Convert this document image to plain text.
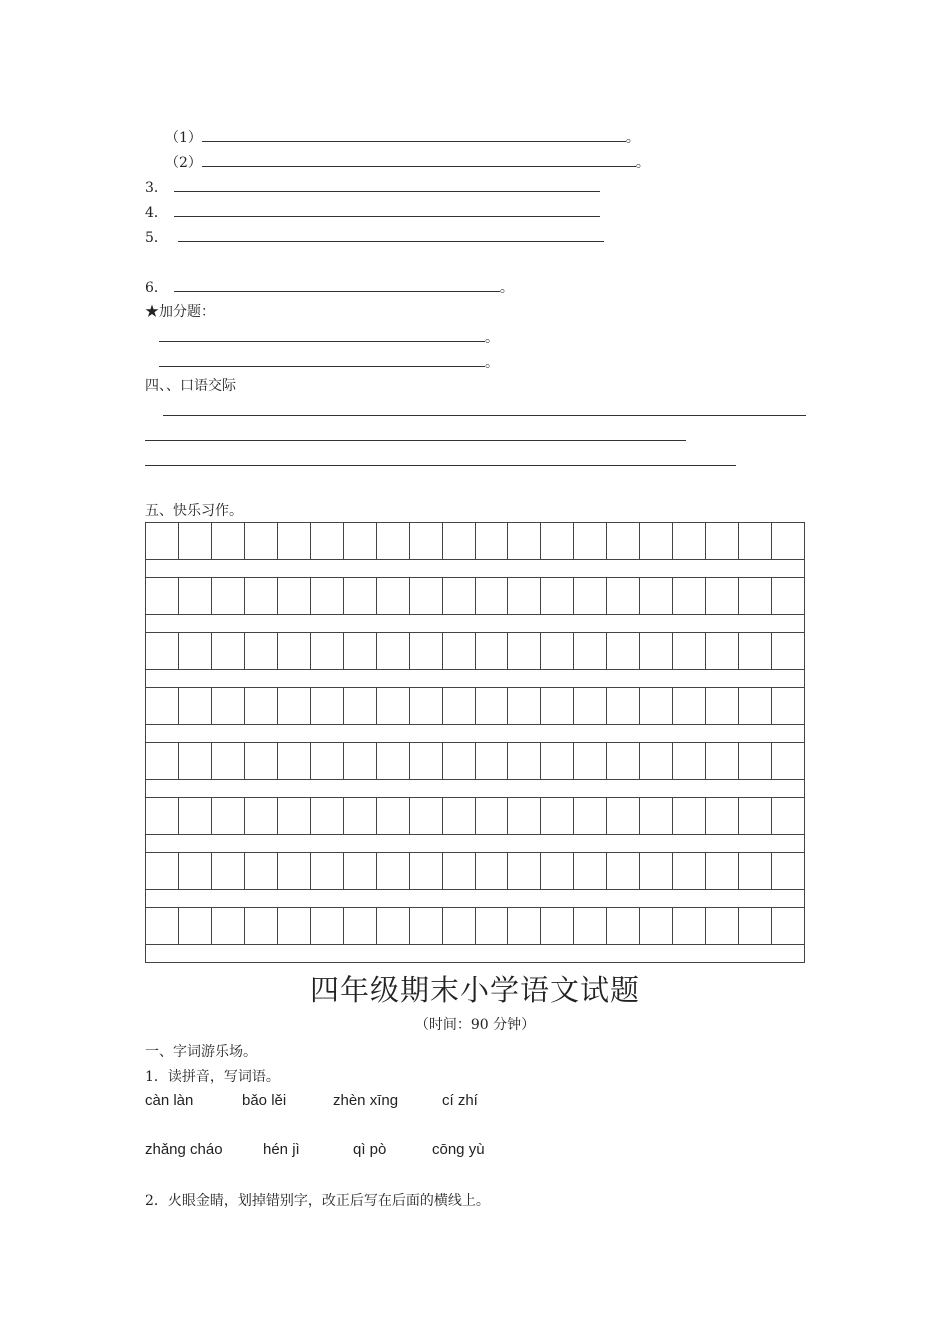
（1）	。
（2）	。
3．
4．
5．
6．	。
★加分题：
。
。
四、、口语交际
五、快乐习作。
四年级期末小学语文试题
（时间：90 分钟）
一、字词游乐场。
1．读拼音，写词语。
càn làn	bǎo lěi	zhèn xīng	cí zhí
zhǎng cháo	hén jì	qì pò	cōng yù
2．火眼金睛，划掉错别字，改正后写在后面的横线上。
